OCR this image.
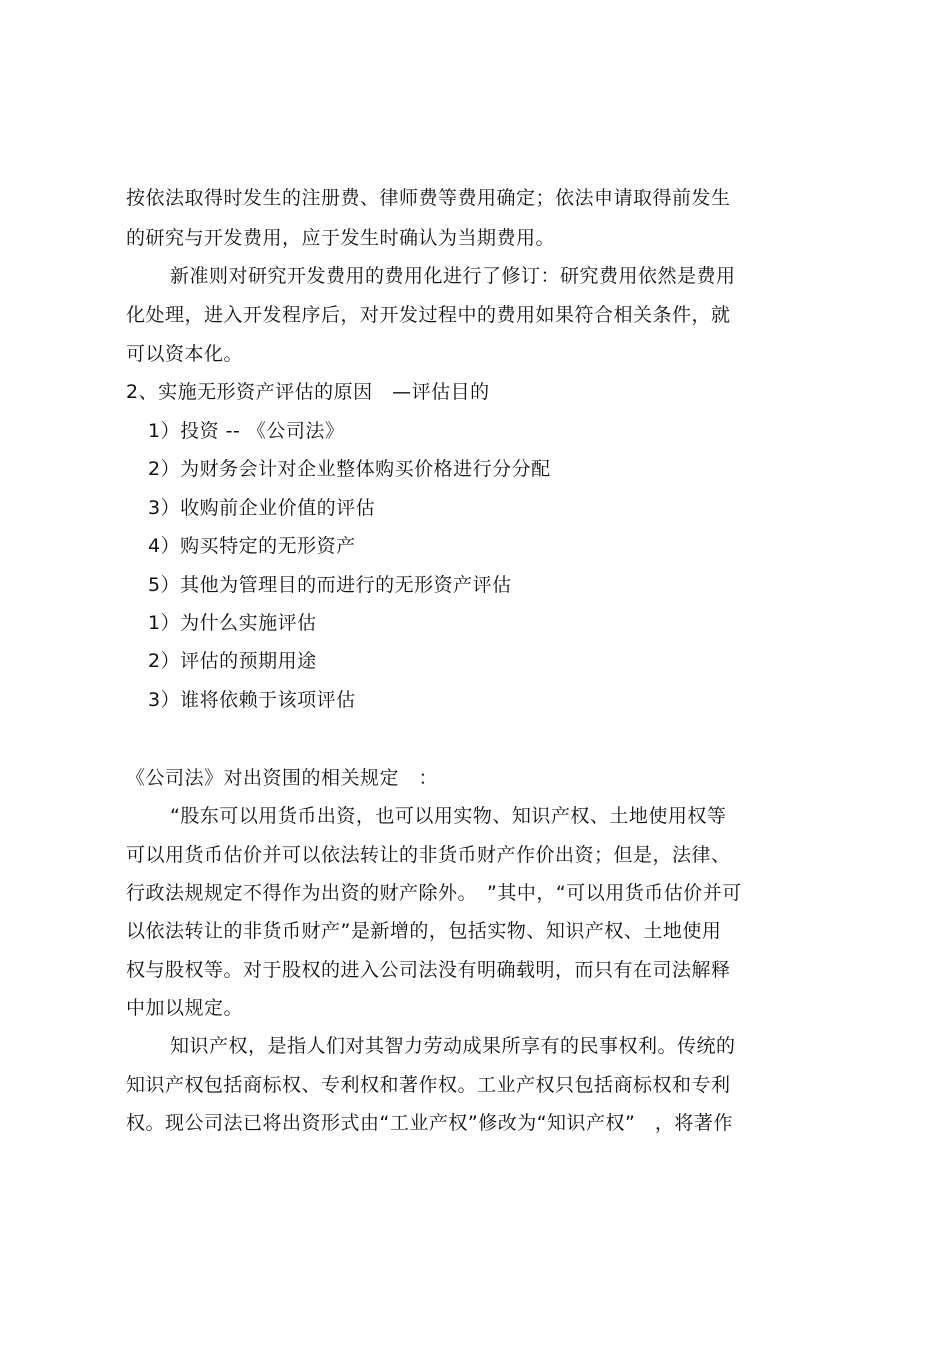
按依法取得时发生的注册费、律师费等费用确定；依法申请取得前发生
的研究与开发费用，应于发生时确认为当期费用。
新准则对研究开发费用的费用化进行了修订：研究费用依然是费用
化处理，进入开发程序后，对开发过程中的费用如果符合相关条件，就
可以资本化。
2、实施无形资产评估的原因　—评估目的
1）投资 -- 《公司法》
2）为财务会计对企业整体购买价格进行分分配
3）收购前企业价值的评估
4）购买特定的无形资产
5）其他为管理目的而进行的无形资产评估
1）为什么实施评估
2）评估的预期用途
3）谁将依赖于该项评估
《公司法》对出资围的相关规定　：
“股东可以用货币出资，也可以用实物、知识产权、土地使用权等
可以用货币估价并可以依法转让的非货币财产作价出资；但是，法律、
行政法规规定不得作为出资的财产除外。　”其中，“可以用货币估价并可
以依法转让的非货币财产”是新增的，包括实物、知识产权、土地使用
权与股权等。对于股权的进入公司法没有明确载明，而只有在司法解释
中加以规定。
知识产权，是指人们对其智力劳动成果所享有的民事权利。传统的
知识产权包括商标权、专利权和著作权。工业产权只包括商标权和专利
权。现公司法已将出资形式由“工业产权”修改为“知识产权”　，将著作
